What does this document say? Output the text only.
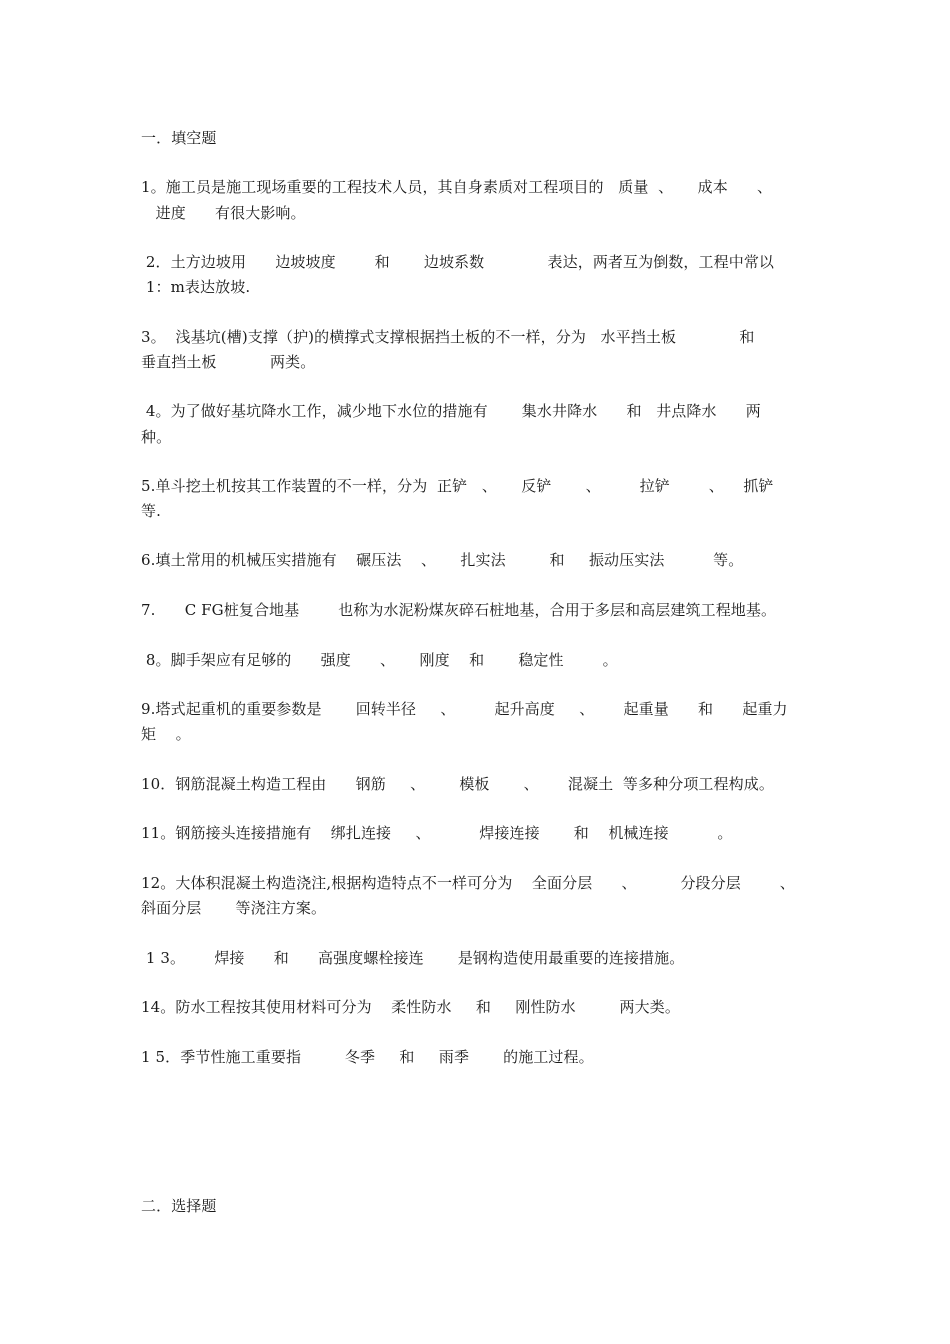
一．填空题
1。施工员是施工现场重要的工程技术人员，其自身素质对工程项目的   质量  、     成本      、
进度      有很大影响。
2．土方边坡用      边坡坡度        和       边坡系数             表达，两者互为倒数，工程中常以
1：m表达放坡.
3。  浅基坑(槽)支撑（护)的横撑式支撑根据挡土板的不一样，分为   水平挡土板             和
垂直挡土板           两类。
4。为了做好基坑降水工作，减少地下水位的措施有       集水井降水      和   井点降水      两
种。
5.单斗挖土机按其工作装置的不一样，分为  正铲   、     反铲       、        拉铲        、    抓铲
等.
6.填土常用的机械压实措施有    碾压法    、     扎实法         和     振动压实法          等。
7.      C FG桩复合地基        也称为水泥粉煤灰碎石桩地基，合用于多层和高层建筑工程地基。
8。脚手架应有足够的      强度      、     刚度    和       稳定性        。
9.塔式起重机的重要参数是       回转半径     、        起升高度     、      起重量      和      起重力
矩    。
10．钢筋混凝土构造工程由      钢筋     、       模板       、      混凝土  等多种分项工程构成。
11。钢筋接头连接措施有    绑扎连接     、          焊接连接       和    机械连接          。
12。大体积混凝土构造浇注,根据构造特点不一样可分为    全面分层      、         分段分层        、
斜面分层       等浇注方案。
1 3。      焊接      和      高强度螺栓接连       是钢构造使用最重要的连接措施。
14。防水工程按其使用材料可分为    柔性防水     和     刚性防水         两大类。
1 5．季节性施工重要指         冬季     和     雨季       的施工过程。
二．选择题
